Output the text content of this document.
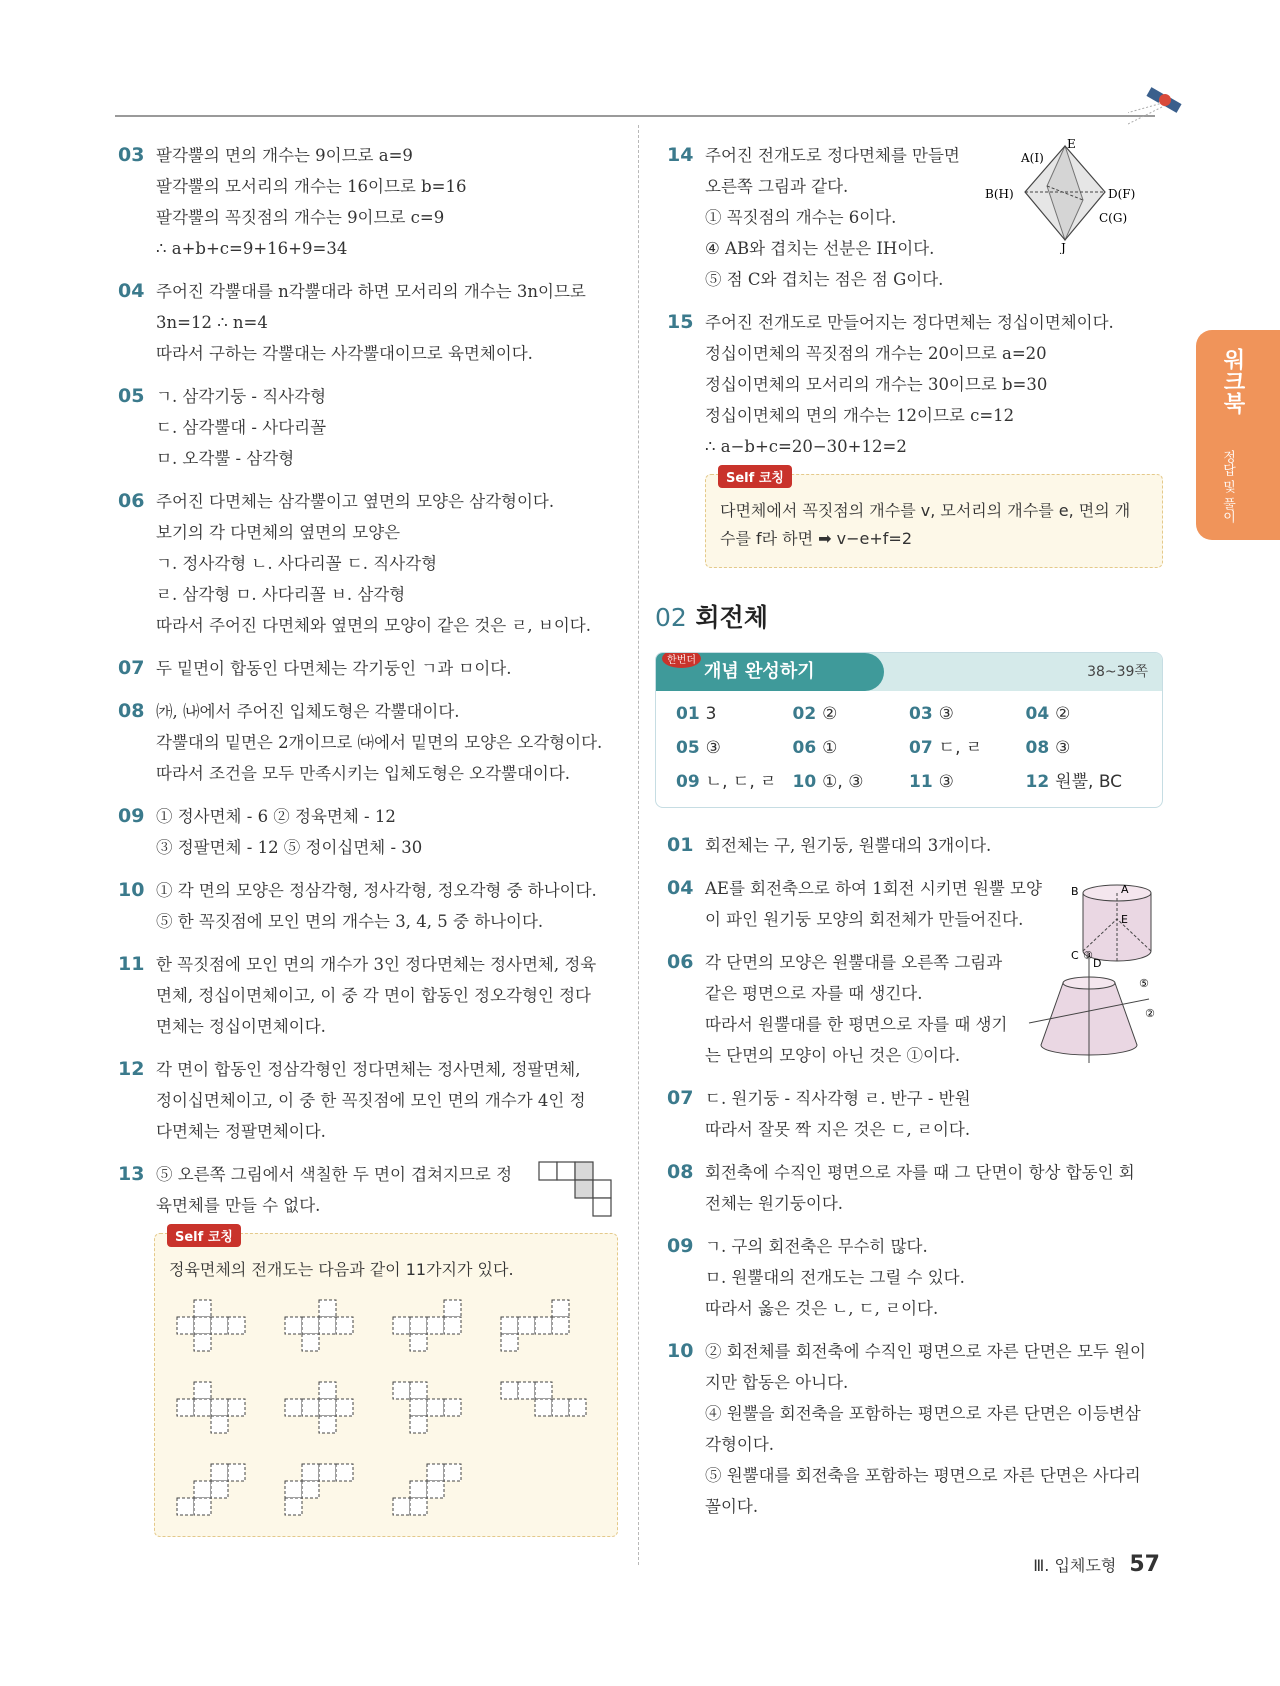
03 팔각뿔의 면의 개수는 9이므로 a=9
팔각뿔의 모서리의 개수는 16이므로 b=16
팔각뿔의 꼭짓점의 개수는 9이므로 c=9
∴ a+b+c=9+16+9=34
04 주어진 각뿔대를 n각뿔대라 하면 모서리의 개수는 3n이므로
3n=12 ∴ n=4
따라서 구하는 각뿔대는 사각뿔대이므로 육면체이다.
05 ㄱ. 삼각기둥 - 직사각형
ㄷ. 삼각뿔대 - 사다리꼴
ㅁ. 오각뿔 - 삼각형
06 주어진 다면체는 삼각뿔이고 옆면의 모양은 삼각형이다.
보기의 각 다면체의 옆면의 모양은
ㄱ. 정사각형 ㄴ. 사다리꼴 ㄷ. 직사각형
ㄹ. 삼각형 ㅁ. 사다리꼴 ㅂ. 삼각형
따라서 주어진 다면체와 옆면의 모양이 같은 것은 ㄹ, ㅂ이다.
07 두 밑면이 합동인 다면체는 각기둥인 ㄱ과 ㅁ이다.
08 ㈎, ㈏에서 주어진 입체도형은 각뿔대이다.
각뿔대의 밑면은 2개이므로 ㈐에서 밑면의 모양은 오각형이다.
따라서 조건을 모두 만족시키는 입체도형은 오각뿔대이다.
09 ① 정사면체 - 6 ② 정육면체 - 12
③ 정팔면체 - 12 ⑤ 정이십면체 - 30
10 ① 각 면의 모양은 정삼각형, 정사각형, 정오각형 중 하나이다.
⑤ 한 꼭짓점에 모인 면의 개수는 3, 4, 5 중 하나이다.
11 한 꼭짓점에 모인 면의 개수가 3인 정다면체는 정사면체, 정육
면체, 정십이면체이고, 이 중 각 면이 합동인 정오각형인 정다
면체는 정십이면체이다.
12 각 면이 합동인 정삼각형인 정다면체는 정사면체, 정팔면체,
정이십면체이고, 이 중 한 꼭짓점에 모인 면의 개수가 4인 정
다면체는 정팔면체이다.
13 ⑤ 오른쪽 그림에서 색칠한 두 면이 겹쳐지므로 정
육면체를 만들 수 없다.
Self 코칭
정육면체의 전개도는 다음과 같이 11가지가 있다.
14 주어진 전개도로 정다면체를 만들면
오른쪽 그림과 같다.
① 꼭짓점의 개수는 6이다.
④ AB와 겹치는 선분은 IH이다.
⑤ 점 C와 겹치는 점은 점 G이다.
A(I)
E
B(H)	D(F)
C(G)
J
15 주어진 전개도로 만들어지는 정다면체는 정십이면체이다.
정십이면체의 꼭짓점의 개수는 20이므로 a=20
정십이면체의 모서리의 개수는 30이므로 b=30
정십이면체의 면의 개수는 12이므로 c=12
∴ a−b+c=20−30+12=2
Self 코칭
다면체에서 꼭짓점의 개수를 v, 모서리의 개수를 e, 면의 개
수를 f라 하면 ➡ v−e+f=2
02 회전체
개념 완성하기
한번더
38~39쪽
01 3	02 ②	03 ③	04 ②
05 ③	06 ①	07 ㄷ, ㄹ	08 ③
09 ㄴ, ㄷ, ㄹ 10 ①, ③	11 ③	12 원뿔, BC
01 회전체는 구, 원기둥, 원뿔대의 3개이다.
04 AE를 회전축으로 하여 1회전 시키면 원뿔 모양
이 파인 원기둥 모양의 회전체가 만들어진다.
B	A
E
C
D
06 각 단면의 모양은 원뿔대를 오른쪽 그림과
같은 평면으로 자를 때 생긴다.
따라서 원뿔대를 한 평면으로 자를 때 생기
는 단면의 모양이 아닌 것은 ①이다.
③
⑤
②
07 ㄷ. 원기둥 - 직사각형 ㄹ. 반구 - 반원
따라서 잘못 짝 지은 것은 ㄷ, ㄹ이다.
08 회전축에 수직인 평면으로 자를 때 그 단면이 항상 합동인 회
전체는 원기둥이다.
09 ㄱ. 구의 회전축은 무수히 많다.
ㅁ. 원뿔대의 전개도는 그릴 수 있다.
따라서 옳은 것은 ㄴ, ㄷ, ㄹ이다.
10 ② 회전체를 회전축에 수직인 평면으로 자른 단면은 모두 원이
지만 합동은 아니다.
④ 원뿔을 회전축을 포함하는 평면으로 자른 단면은 이등변삼
각형이다.
⑤ 원뿔대를 회전축을 포함하는 평면으로 자른 단면은 사다리
꼴이다.
워크북
정답 및 풀이
Ⅲ. 입체도형 57
